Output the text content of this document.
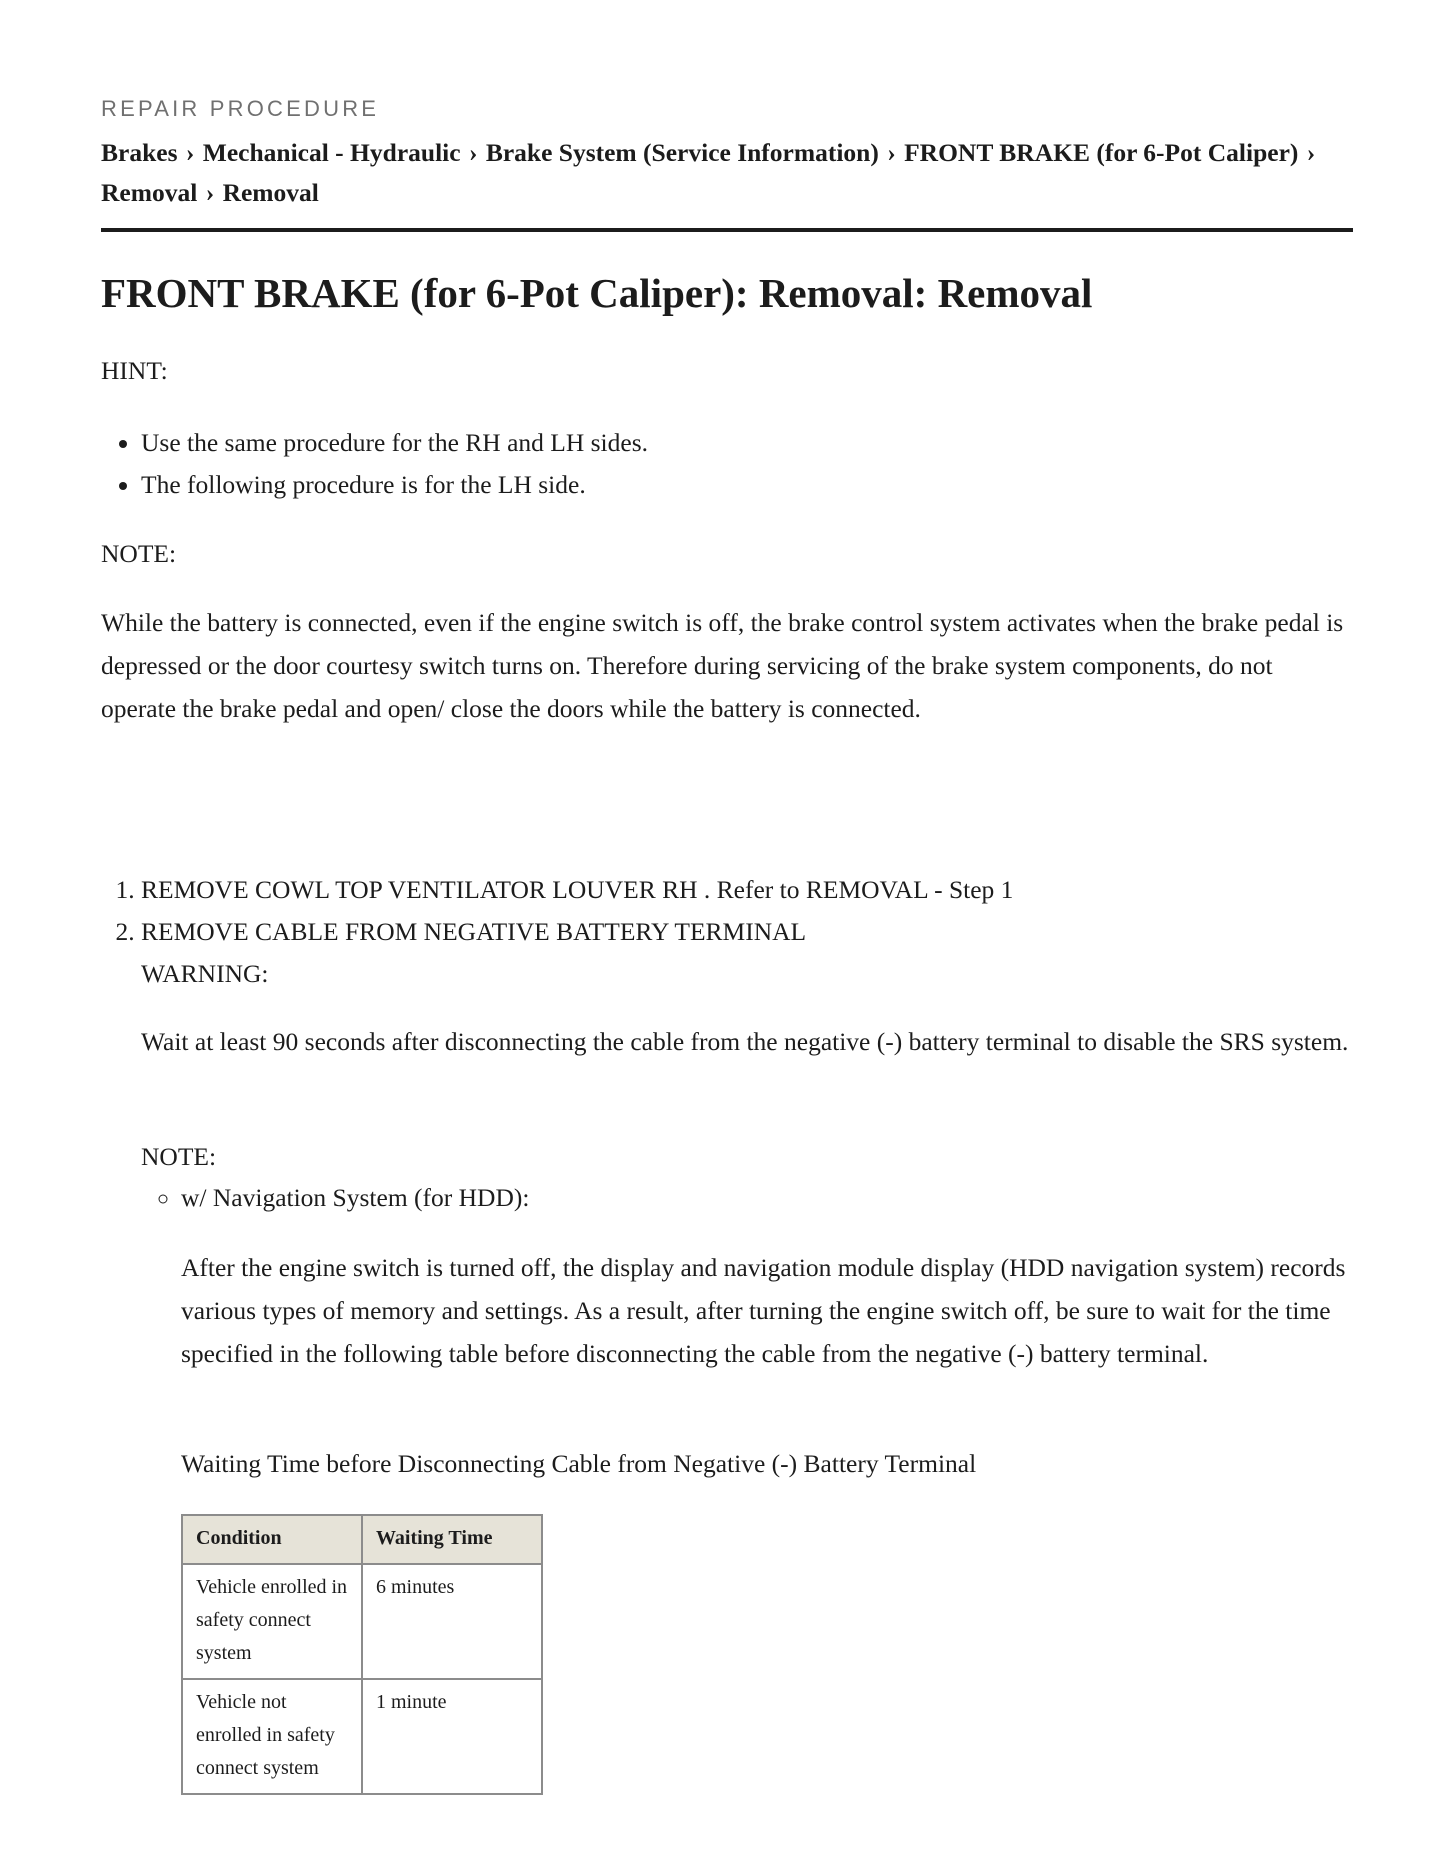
REPAIR PROCEDURE
Brakes › Mechanical - Hydraulic › Brake System (Service Information) › FRONT BRAKE (for 6-Pot Caliper) ›
Removal › Removal
FRONT BRAKE (for 6-Pot Caliper): Removal: Removal

HINT:

• Use the same procedure for the RH and LH sides.
• The following procedure is for the LH side.

NOTE:

While the battery is connected, even if the engine switch is off, the brake control system activates when the brake pedal is depressed or the door courtesy switch turns on. Therefore during servicing of the brake system components, do not operate the brake pedal and open/ close the doors while the battery is connected.

1. REMOVE COWL TOP VENTILATOR LOUVER RH . Refer to REMOVAL - Step 1
2. REMOVE CABLE FROM NEGATIVE BATTERY TERMINAL

WARNING:

Wait at least 90 seconds after disconnecting the cable from the negative (-) battery terminal to disable the SRS system.

NOTE:

◦ w/ Navigation System (for HDD):

After the engine switch is turned off, the display and navigation module display (HDD navigation system) records various types of memory and settings. As a result, after turning the engine switch off, be sure to wait for the time specified in the following table before disconnecting the cable from the negative (-) battery terminal.

Waiting Time before Disconnecting Cable from Negative (-) Battery Terminal

Condition	Waiting Time
Vehicle enrolled in safety connect system	6 minutes
Vehicle not enrolled in safety connect system	1 minute
